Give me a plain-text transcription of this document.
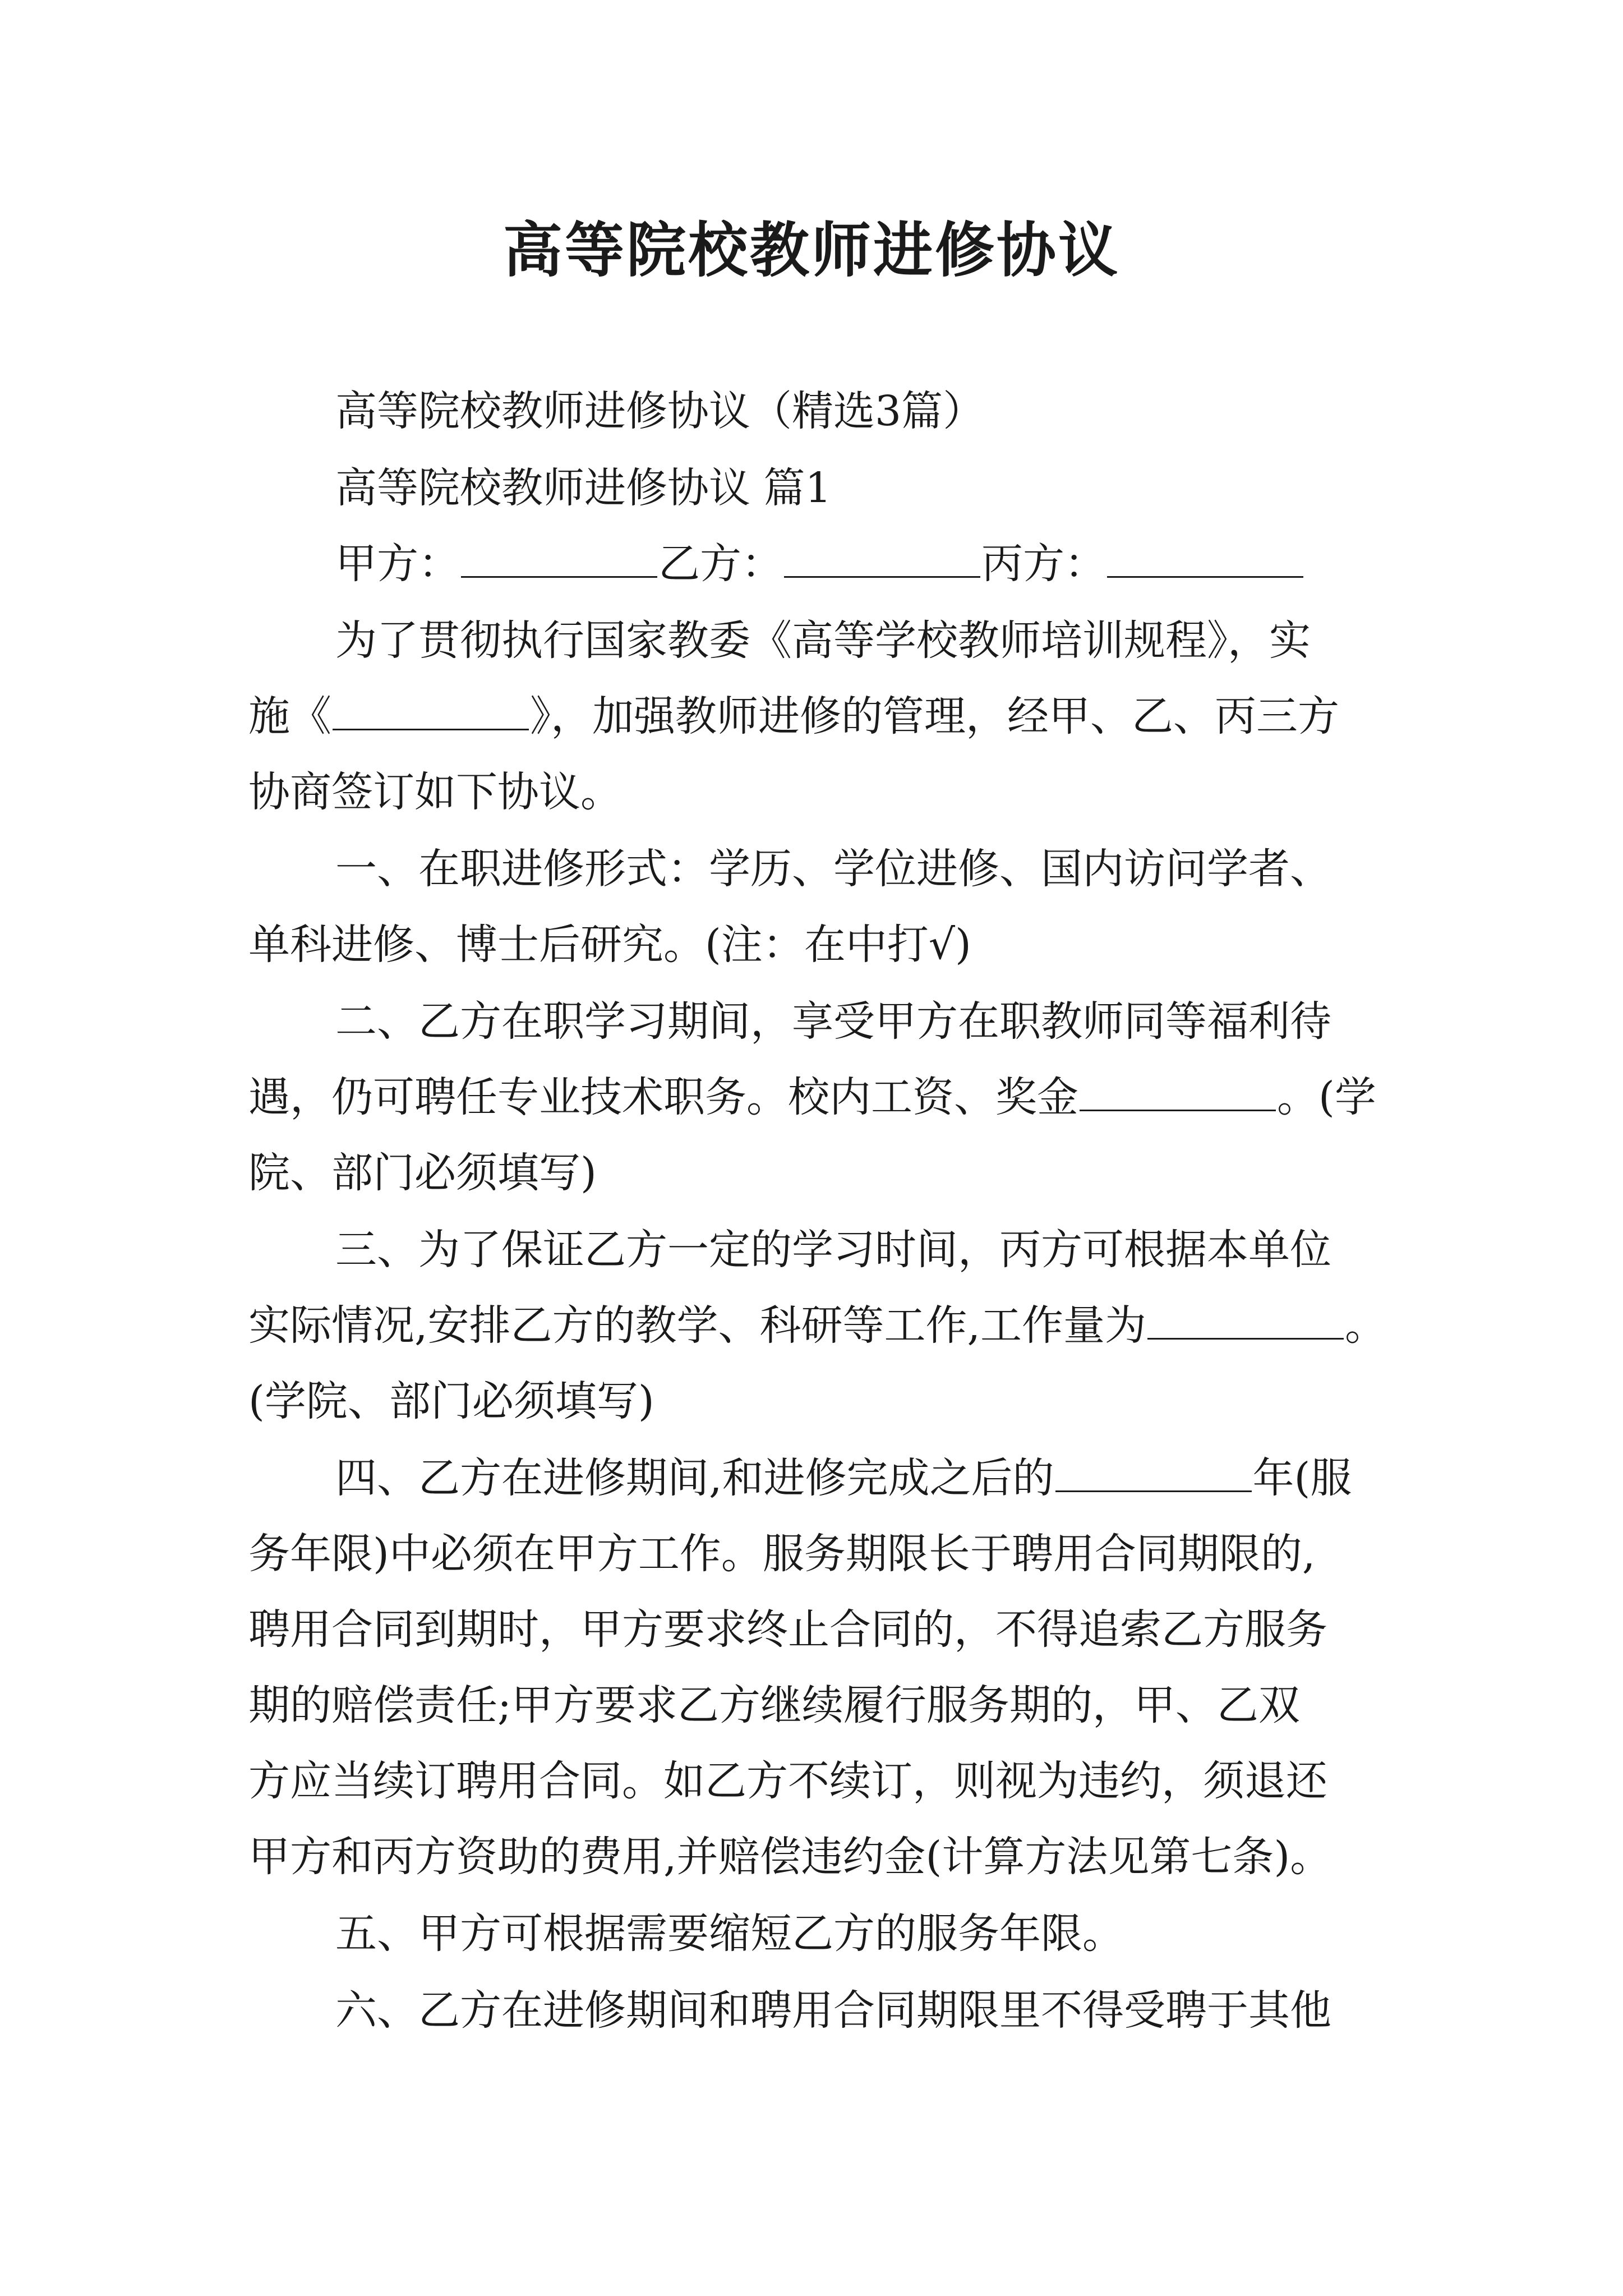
高等院校教师进修协议
高等院校教师进修协议（精选3篇）
高等院校教师进修协议 篇1
甲方：	乙方：	丙方：
为了贯彻执行国家教委《高等学校教师培训规程》，实
施《	》，加强教师进修的管理，经甲、乙、丙三方
协商签订如下协议。
一、在职进修形式：学历、学位进修、国内访问学者、
单科进修、博士后研究。(注：在中打√)
二、乙方在职学习期间，享受甲方在职教师同等福利待
遇，仍可聘任专业技术职务。校内工资、奖金	。(学
院、部门必须填写)
三、为了保证乙方一定的学习时间，丙方可根据本单位
实际情况,安排乙方的教学、科研等工作,工作量为	。
(学院、部门必须填写)
四、乙方在进修期间,和进修完成之后的	年(服
务年限)中必须在甲方工作。服务期限长于聘用合同期限的,
聘用合同到期时，甲方要求终止合同的，不得追索乙方服务
期的赔偿责任;甲方要求乙方继续履行服务期的，甲、乙双
方应当续订聘用合同。如乙方不续订，则视为违约，须退还
甲方和丙方资助的费用,并赔偿违约金(计算方法见第七条)。
五、甲方可根据需要缩短乙方的服务年限。
六、乙方在进修期间和聘用合同期限里不得受聘于其他
